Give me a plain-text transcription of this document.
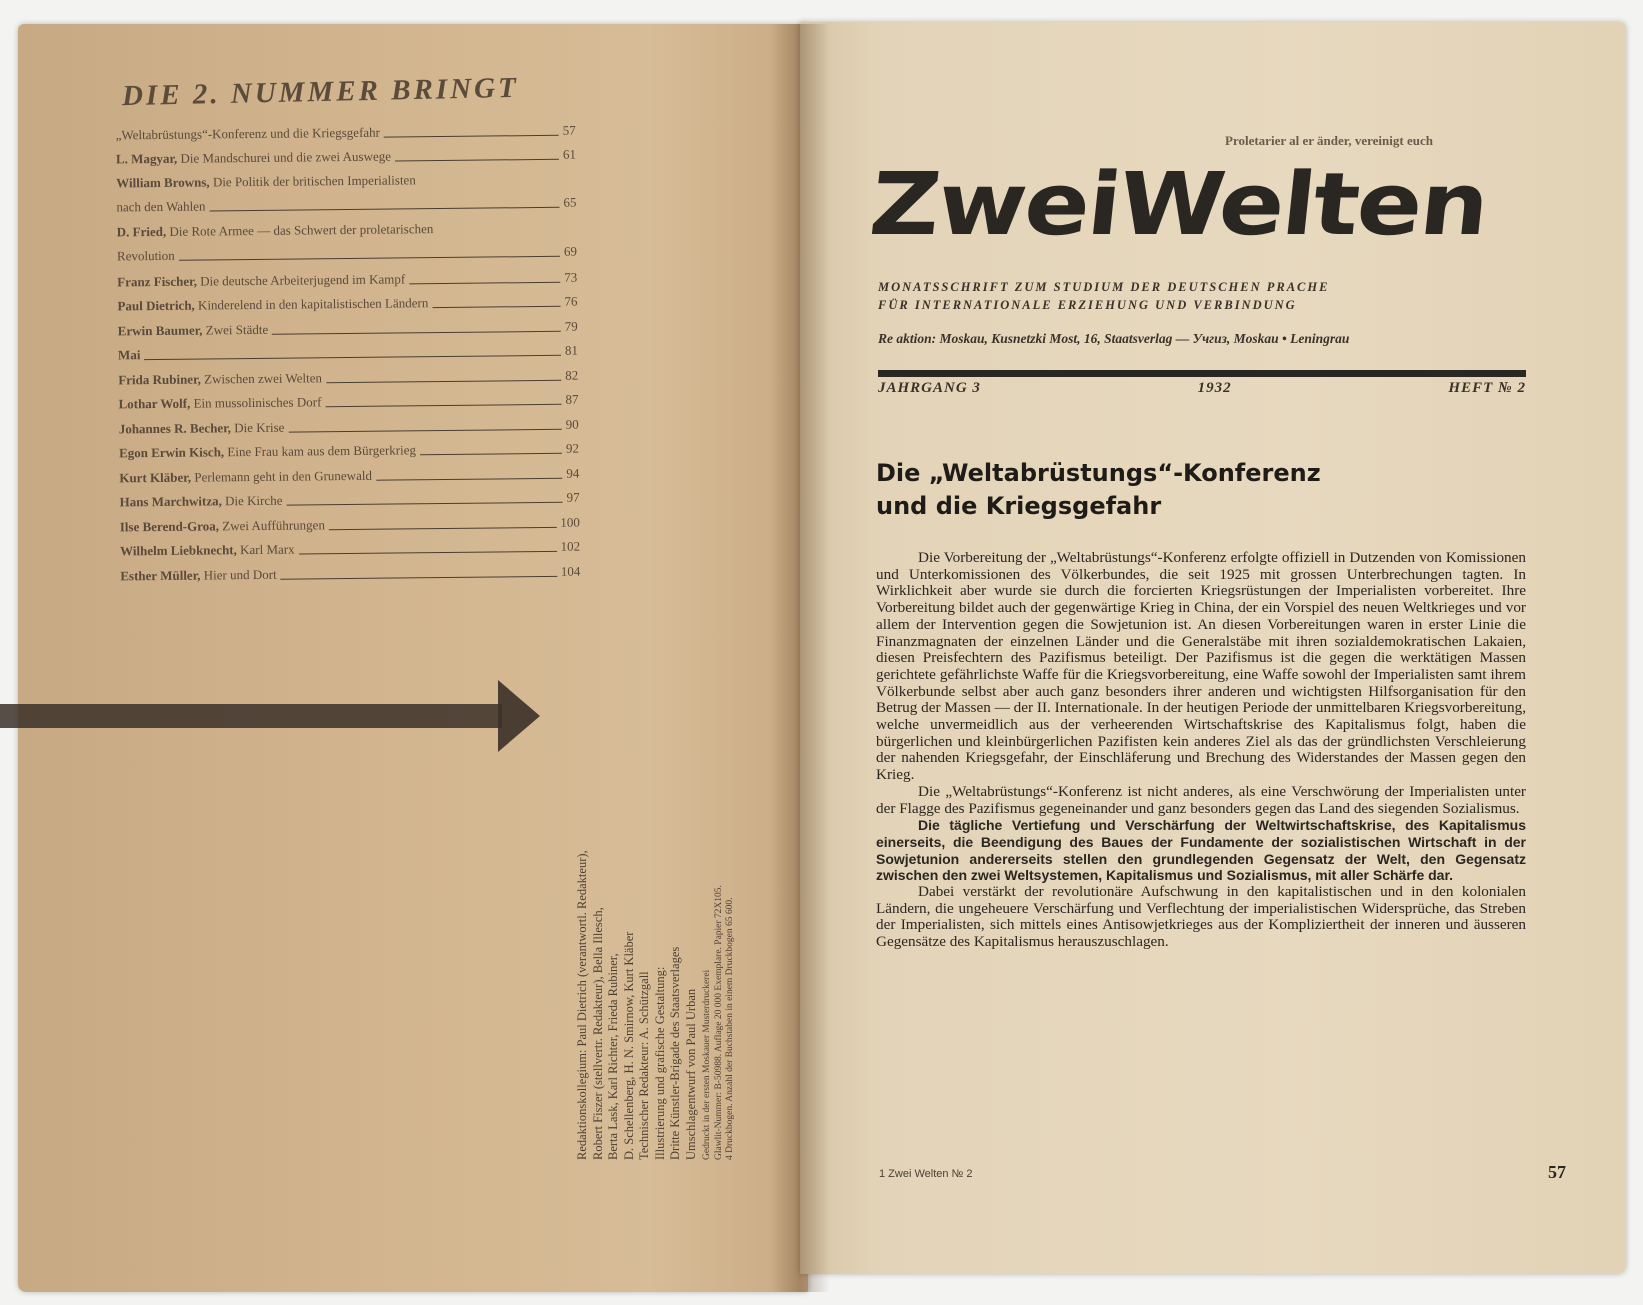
DIE 2. NUMMER BRINGT
„Weltabrüstungs“-Konferenz und die Kriegsgefahr	57
L. Magyar, Die Mandschurei und die zwei Auswege	61
William Browns, Die Politik der britischen Imperialisten
nach den Wahlen	65
D. Fried, Die Rote Armee — das Schwert der proletarischen
Revolution	69
Franz Fischer, Die deutsche Arbeiterjugend im Kampf	73
Paul Dietrich, Kinderelend in den kapitalistischen Ländern	76
Erwin Baumer, Zwei Städte	79
Mai	81
Frida Rubiner, Zwischen zwei Welten	82
Lothar Wolf, Ein mussolinisches Dorf	87
Johannes R. Becher, Die Krise	90
Egon Erwin Kisch, Eine Frau kam aus dem Bürgerkrieg	92
Kurt Kläber, Perlemann geht in den Grunewald	94
Hans Marchwitza, Die Kirche	97
Ilse Berend-Groa, Zwei Aufführungen	100
Wilhelm Liebknecht, Karl Marx	102
Esther Müller, Hier und Dort	104
Redaktionskollegium: Paul Dietrich (verantwortl. Redakteur), Robert Fiszer (stellvertr. Redakteur), Bella Illesch, Berta Lask, Karl Richter, Frieda Rubiner, D. Schellenberg, H. N. Smirnow, Kurt Kläber Technischer Redakteur: A. Schützgall Illustrierung und grafische Gestaltung: Dritte Künstler-Brigade des Staatsverlages Umschlagentwurf von Paul Urban Gedruckt in der ersten Moskauer Musterdruckerei Glawlit-Nummer: B-50988. Auflage 20 000 Exemplare. Papier 72X105. 4 Druckbogen. Anzahl der Buchstaben in einem Druckbogen 65 600.
Proletarier al er änder, vereinigt euch
ZweiWelten
MONATSSCHRIFT ZUM STUDIUM DER DEUTSCHEN PRACHE
FÜR INTERNATIONALE ERZIEHUNG UND VERBINDUNG
Re aktion: Moskau, Kusnetzki Most, 16, Staatsverlag — Учгиз, Moskau • Leningrau
JAHRGANG 3	1932	HEFT № 2
Die „Weltabrüstungs“-Konferenz
und die Kriegsgefahr

Die Vorbereitung der „Weltabrüstungs“-Konferenz erfolgte offiziell in Dutzenden von Komissionen und Unterkomissionen des Völkerbundes, die seit 1925 mit grossen Unterbrechungen tagten. In Wirklichkeit aber wurde sie durch die forcierten Kriegsrüstungen der Imperialisten vorbereitet. Ihre Vorbereitung bildet auch der gegenwärtige Krieg in China, der ein Vorspiel des neuen Weltkrieges und vor allem der Intervention gegen die Sowjetunion ist. An diesen Vorbereitungen waren in erster Linie die Finanzmagnaten der einzelnen Länder und die Generalstäbe mit ihren sozialdemokratischen Lakaien, diesen Preisfechtern des Pazifismus beteiligt. Der Pazifismus ist die gegen die werktätigen Massen gerichtete gefährlichste Waffe für die Kriegsvorbereitung, eine Waffe sowohl der Imperialisten samt ihrem Völkerbunde selbst aber auch ganz besonders ihrer anderen und wichtigsten Hilfsorganisation für den Betrug der Massen — der II. Internationale. In der heutigen Periode der unmittelbaren Kriegsvorbereitung, welche unvermeidlich aus der verheerenden Wirtschaftskrise des Kapitalismus folgt, haben die bürgerlichen und kleinbürgerlichen Pazifisten kein anderes Ziel als das der gründlichsten Verschleierung der nahenden Kriegsgefahr, der Einschläferung und Brechung des Widerstandes der Massen gegen den Krieg.

Die „Weltabrüstungs“-Konferenz ist nicht anderes, als eine Verschwörung der Imperialisten unter der Flagge des Pazifismus gegeneinander und ganz besonders gegen das Land des siegenden Sozialismus.

Die tägliche Vertiefung und Verschärfung der Weltwirtschaftskrise, des Kapitalismus einerseits, die Beendigung des Baues der Fundamente der sozialistischen Wirtschaft in der Sowjetunion andererseits stellen den grundlegenden Gegensatz der Welt, den Gegensatz zwischen den zwei Weltsystemen, Kapitalismus und Sozialismus, mit aller Schärfe dar.

Dabei verstärkt der revolutionäre Aufschwung in den kapitalistischen und in den kolonialen Ländern, die ungeheuere Verschärfung und Verflechtung der imperialistischen Widersprüche, das Streben der Imperialisten, sich mittels eines Antisowjetkrieges aus der Kompliziertheit der inneren und äusseren Gegensätze des Kapitalismus herauszuschlagen.

1 Zwei Welten № 2	57
